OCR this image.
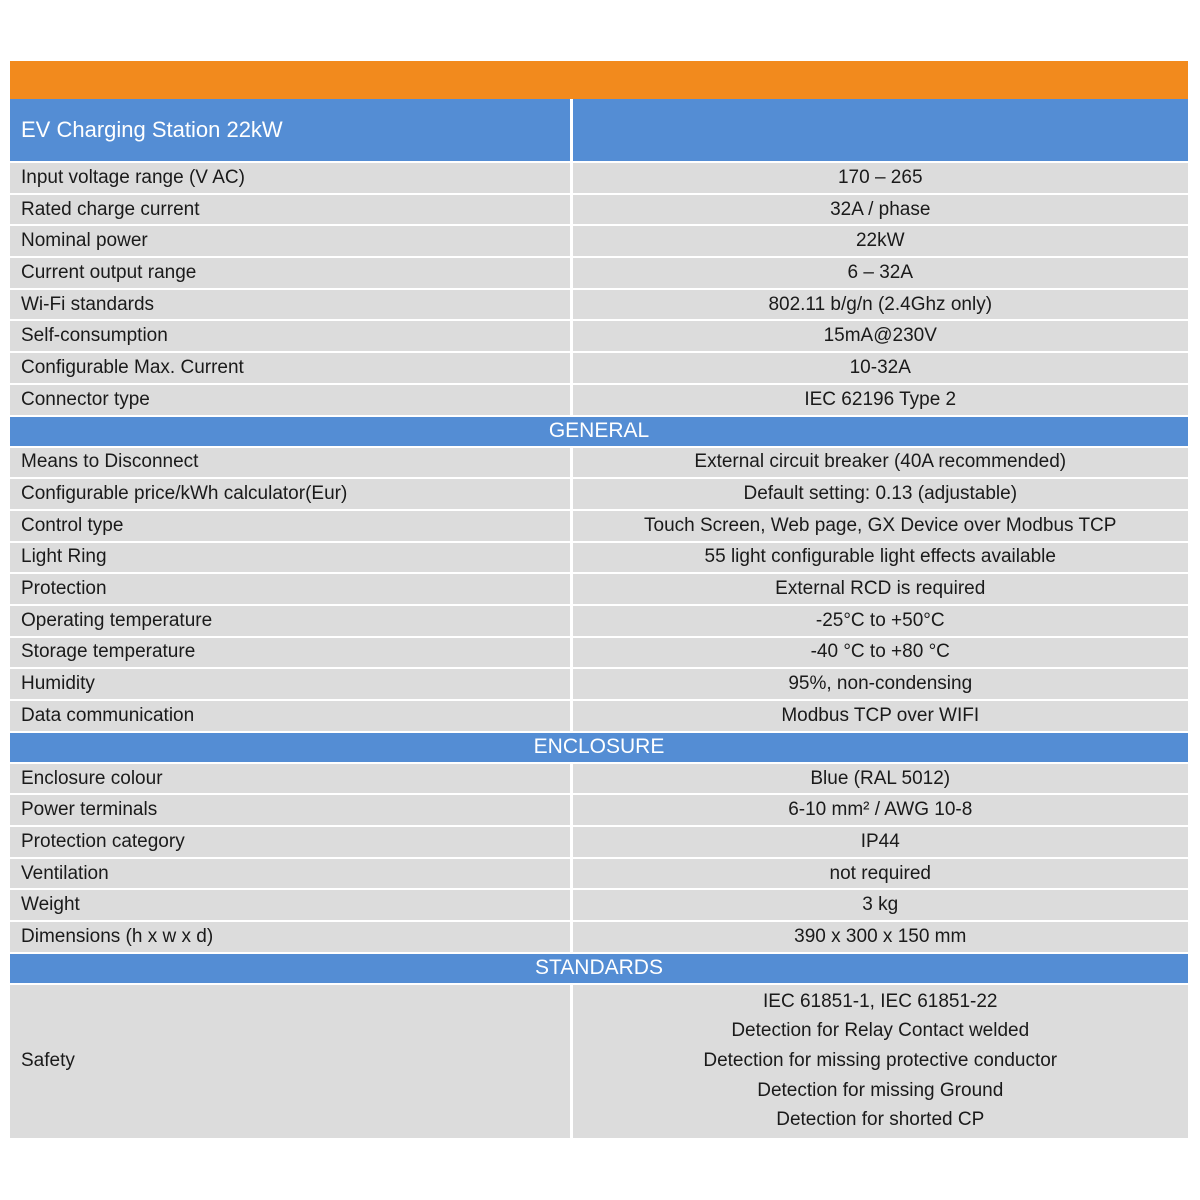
EV Charging Station 22kW	
Input voltage range (V AC)	170 – 265
Rated charge current	32A / phase
Nominal power	22kW
Current output range	6 – 32A
Wi-Fi standards	802.11 b/g/n (2.4Ghz only)
Self-consumption	15mA@230V
Configurable Max. Current	10-32A
Connector type	IEC 62196 Type 2
GENERAL	
Means to Disconnect	External circuit breaker (40A recommended)
Configurable price/kWh calculator(Eur)	Default setting: 0.13 (adjustable)
Control type	Touch Screen, Web page, GX Device over Modbus TCP
Light Ring	55 light configurable light effects available
Protection	External RCD is required
Operating temperature	-25°C to +50°C
Storage temperature	-40 °C to +80 °C
Humidity	95%, non-condensing
Data communication	Modbus TCP over WIFI
ENCLOSURE	
Enclosure colour	Blue (RAL 5012)
Power terminals	6-10 mm² / AWG 10-8
Protection category	IP44
Ventilation	not required
Weight	3 kg
Dimensions (h x w x d)	390 x 300 x 150 mm
STANDARDS	
Safety	IEC 61851-1, IEC 61851-22
Detection for Relay Contact welded
Detection for missing protective conductor
Detection for missing Ground
Detection for shorted CP
